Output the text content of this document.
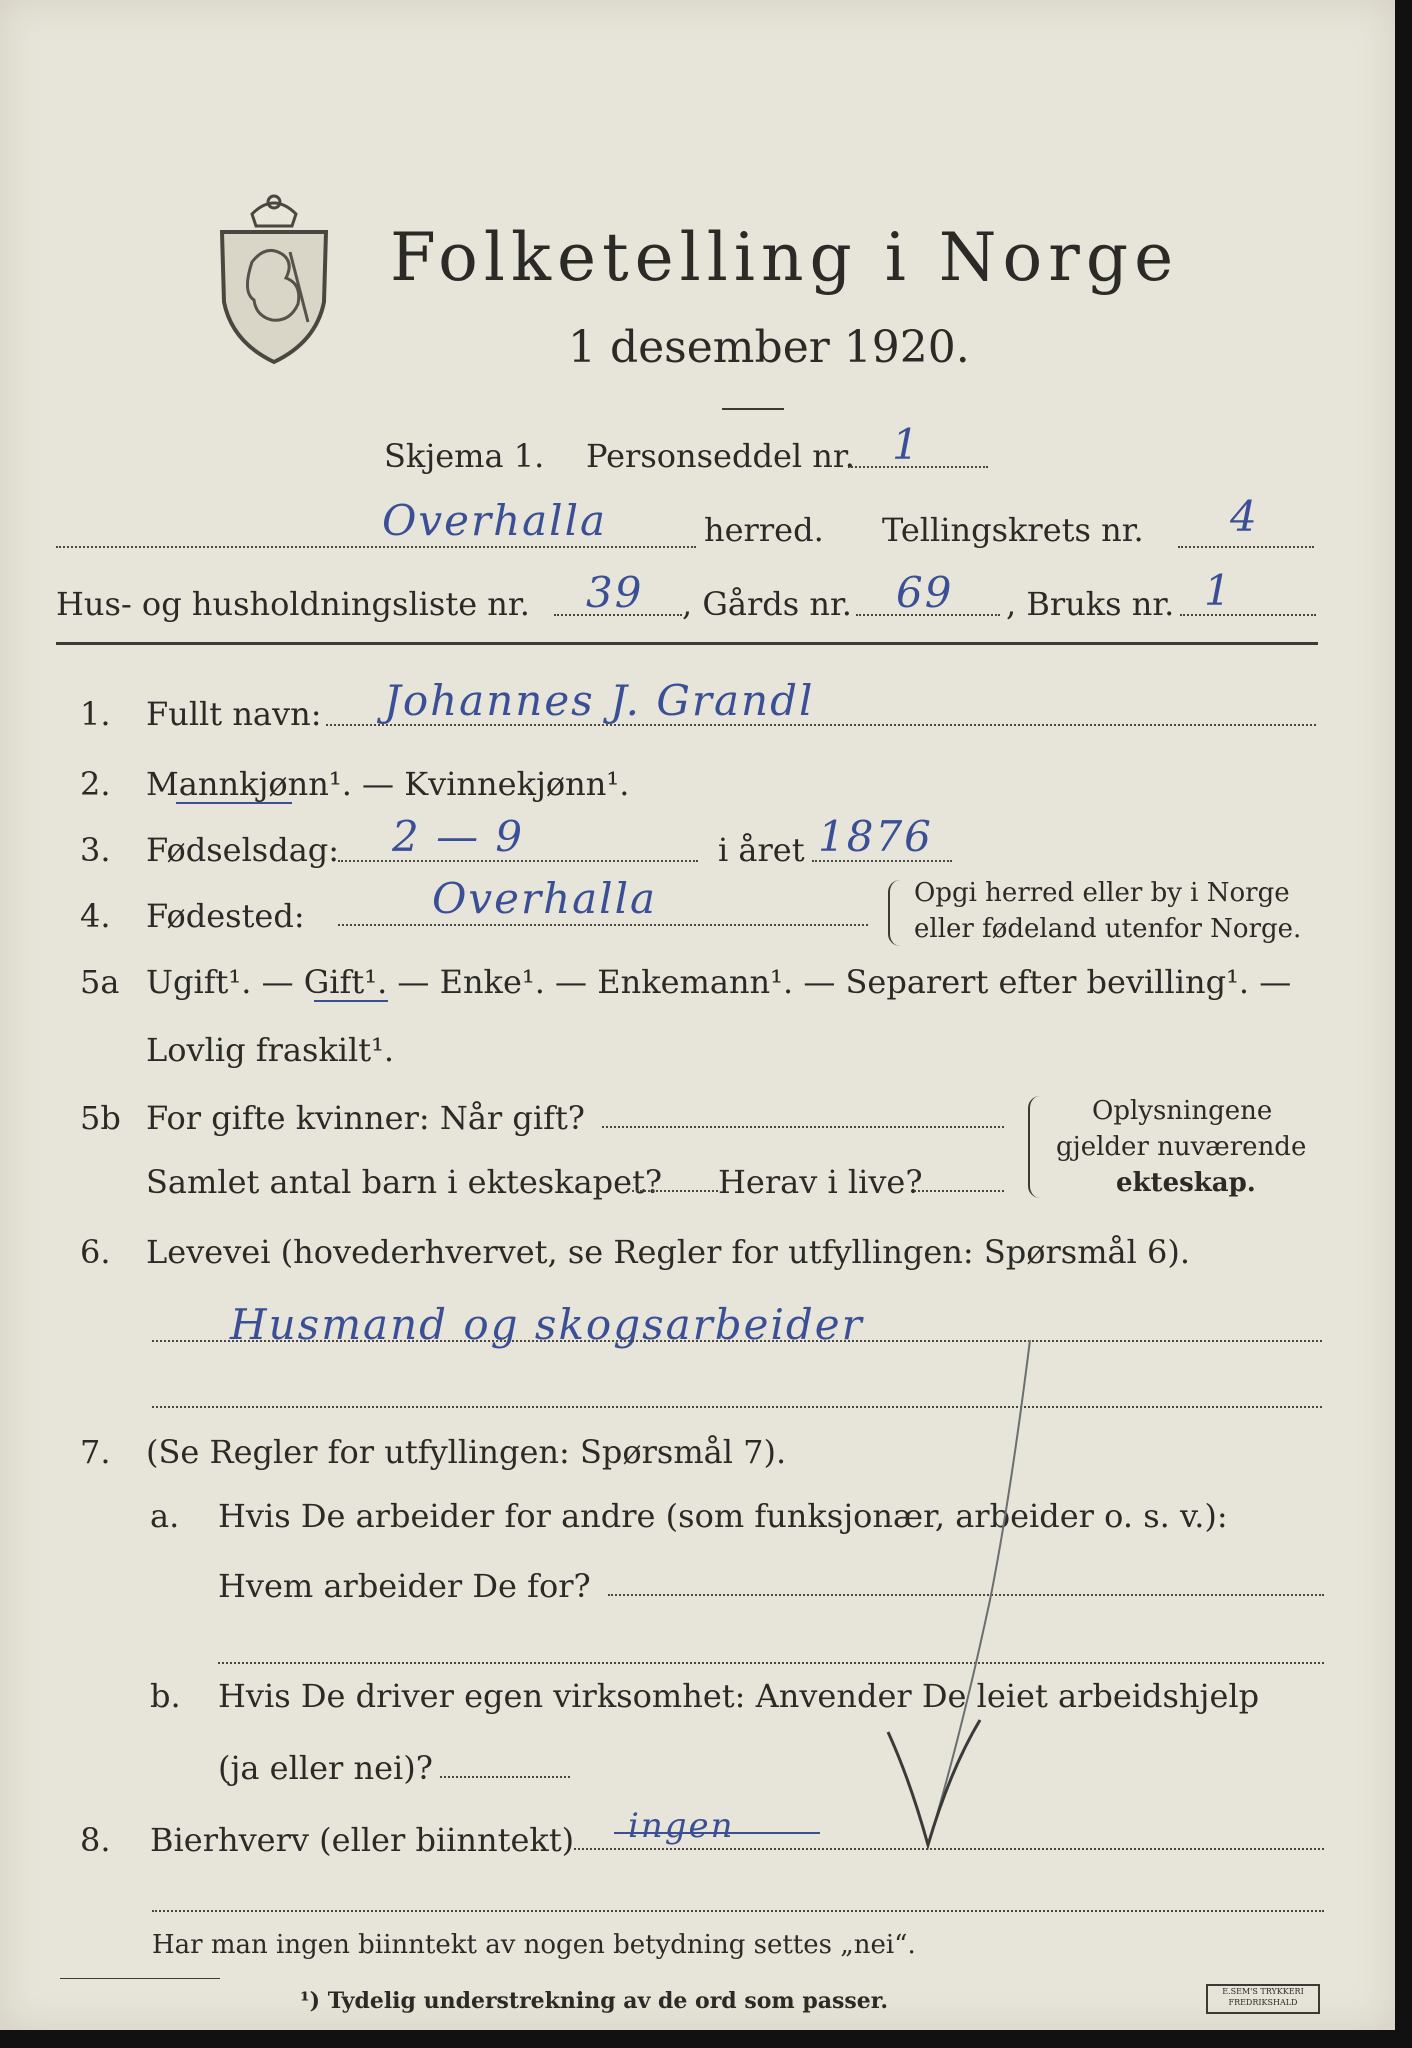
Folketelling i Norge
1 desember 1920.
Skjema 1. Personseddel nr. 1
Overhalla	herred. Tellingskrets nr. 4
Hus- og husholdningsliste nr. 39 , Gårds nr. 69 , Bruks nr. 1
1. Fullt navn: Johannes J. Grandl
2. Mannkjønn¹. — Kvinnekjønn¹.
3. Fødselsdag: 2 — 9	i året 1876
4. Fødested:	Overhalla	Opgi herred eller by i Norge
eller fødeland utenfor Norge.
5a Ugift¹. — Gift¹. — Enke¹. — Enkemann¹. — Separert efter bevilling¹. —
Lovlig fraskilt¹.
5b For gifte kvinner: Når gift?
Samlet antal barn i ekteskapet? Herav i live?
Oplysningene
gjelder nuværende
ekteskap.
6. Levevei (hovederhvervet, se Regler for utfyllingen: Spørsmål 6).
Husmand og skogsarbeider
7. (Se Regler for utfyllingen: Spørsmål 7).
a. Hvis De arbeider for andre (som funksjonær, arbeider o. s. v.):
Hvem arbeider De for?
b. Hvis De driver egen virksomhet: Anvender De leiet arbeidshjelp
(ja eller nei)?
8. Bierhverv (eller biinntekt) ingen
Har man ingen biinntekt av nogen betydning settes „nei“.
¹) Tydelig understrekning av de ord som passer.	E.SEM'S TRYKKERI FREDRIKSHALD
